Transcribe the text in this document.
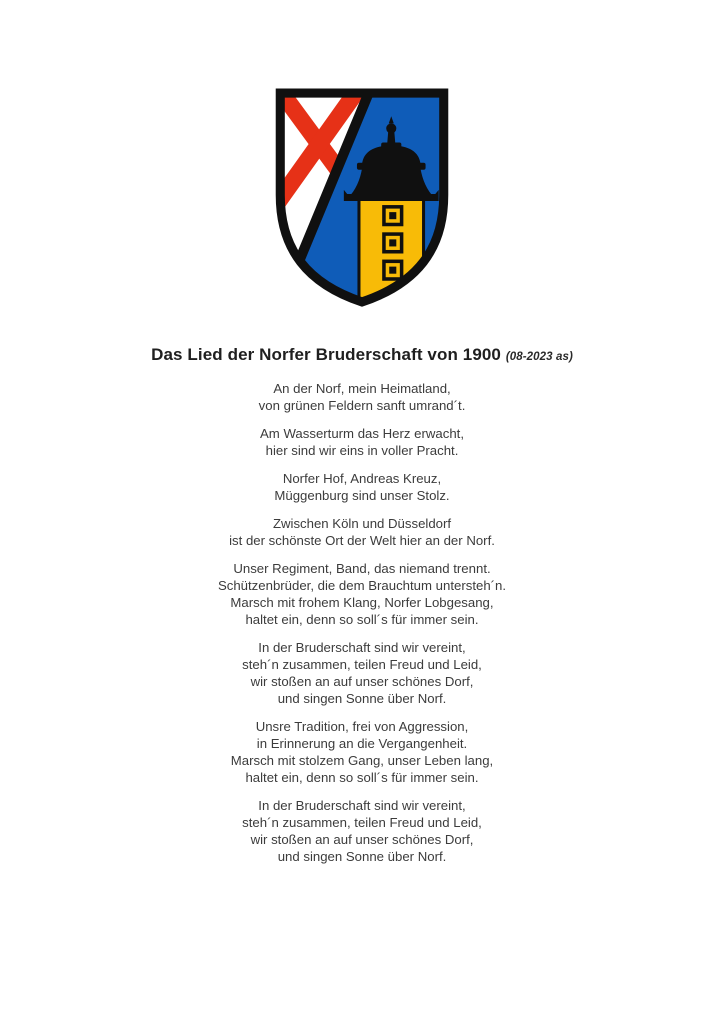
Das Lied der Norfer Bruderschaft von 1900 (08-2023 as)

An der Norf, mein Heimatland,
von grünen Feldern sanft umrand´t.

Am Wasserturm das Herz erwacht,
hier sind wir eins in voller Pracht.

Norfer Hof, Andreas Kreuz,
Müggenburg sind unser Stolz.

Zwischen Köln und Düsseldorf
ist der schönste Ort der Welt hier an der Norf.

Unser Regiment, Band, das niemand trennt.
Schützenbrüder, die dem Brauchtum untersteh´n.
Marsch mit frohem Klang, Norfer Lobgesang,
haltet ein, denn so soll´s für immer sein.

In der Bruderschaft sind wir vereint,
steh´n zusammen, teilen Freud und Leid,
wir stoßen an auf unser schönes Dorf,
und singen Sonne über Norf.

Unsre Tradition, frei von Aggression,
in Erinnerung an die Vergangenheit.
Marsch mit stolzem Gang, unser Leben lang,
haltet ein, denn so soll´s für immer sein.

In der Bruderschaft sind wir vereint,
steh´n zusammen, teilen Freud und Leid,
wir stoßen an auf unser schönes Dorf,
und singen Sonne über Norf.
